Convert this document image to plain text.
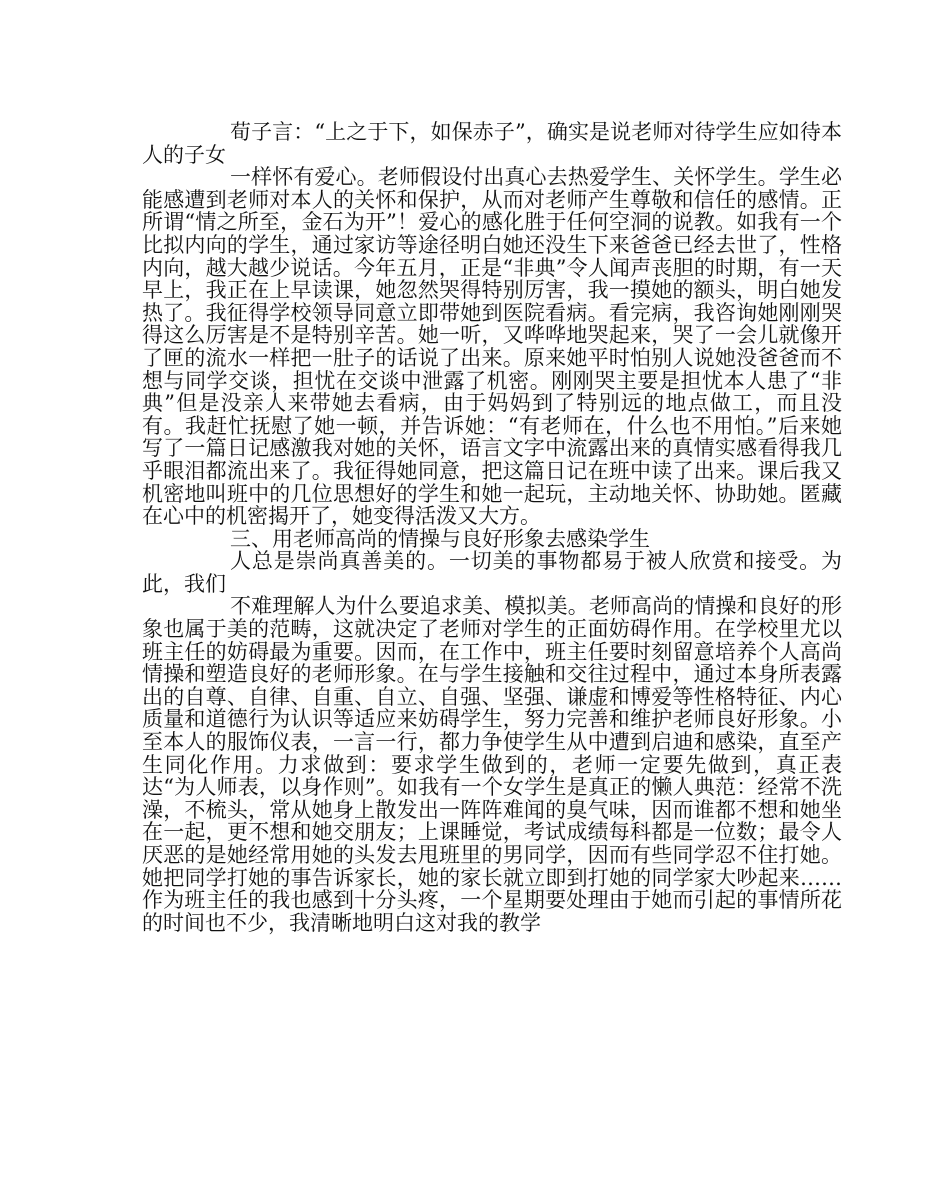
荀子言：“上之于下，如保赤子”，确实是说老师对待学生应如待本人的子女

一样怀有爱心。老师假设付出真心去热爱学生、关怀学生。学生必能感遭到老师对本人的关怀和保护，从而对老师产生尊敬和信任的感情。正所谓“情之所至，金石为开”！爱心的感化胜于任何空洞的说教。如我有一个比拟内向的学生，通过家访等途径明白她还没生下来爸爸已经去世了，性格内向，越大越少说话。今年五月，正是“非典”令人闻声丧胆的时期，有一天早上，我正在上早读课，她忽然哭得特别厉害，我一摸她的额头，明白她发热了。我征得学校领导同意立即带她到医院看病。看完病，我咨询她刚刚哭得这么厉害是不是特别辛苦。她一听，又哗哗地哭起来，哭了一会儿就像开了匣的流水一样把一肚子的话说了出来。原来她平时怕别人说她没爸爸而不想与同学交谈，担忧在交谈中泄露了机密。刚刚哭主要是担忧本人患了“非典”但是没亲人来带她去看病，由于妈妈到了特别远的地点做工，而且没有。我赶忙抚慰了她一顿，并告诉她：“有老师在，什么也不用怕。”后来她写了一篇日记感激我对她的关怀，语言文字中流露出来的真情实感看得我几乎眼泪都流出来了。我征得她同意，把这篇日记在班中读了出来。课后我又机密地叫班中的几位思想好的学生和她一起玩，主动地关怀、协助她。匿藏在心中的机密揭开了，她变得活泼又大方。

三、用老师高尚的情操与良好形象去感染学生

人总是崇尚真善美的。一切美的事物都易于被人欣赏和接受。为此，我们

不难理解人为什么要追求美、模拟美。老师高尚的情操和良好的形象也属于美的范畴，这就决定了老师对学生的正面妨碍作用。在学校里尤以班主任的妨碍最为重要。因而，在工作中，班主任要时刻留意培养个人高尚情操和塑造良好的老师形象。在与学生接触和交往过程中，通过本身所表露出的自尊、自律、自重、自立、自强、坚强、谦虚和博爱等性格特征、内心质量和道德行为认识等适应来妨碍学生，努力完善和维护老师良好形象。小至本人的服饰仪表，一言一行，都力争使学生从中遭到启迪和感染，直至产生同化作用。力求做到：要求学生做到的，老师一定要先做到，真正表达“为人师表，以身作则”。如我有一个女学生是真正的懒人典范：经常不洗澡，不梳头，常从她身上散发出一阵阵难闻的臭气味，因而谁都不想和她坐在一起，更不想和她交朋友；上课睡觉，考试成绩每科都是一位数；最令人厌恶的是她经常用她的头发去甩班里的男同学，因而有些同学忍不住打她。她把同学打她的事告诉家长，她的家长就立即到打她的同学家大吵起来……作为班主任的我也感到十分头疼，一个星期要处理由于她而引起的事情所花的时间也不少，我清晰地明白这对我的教学
